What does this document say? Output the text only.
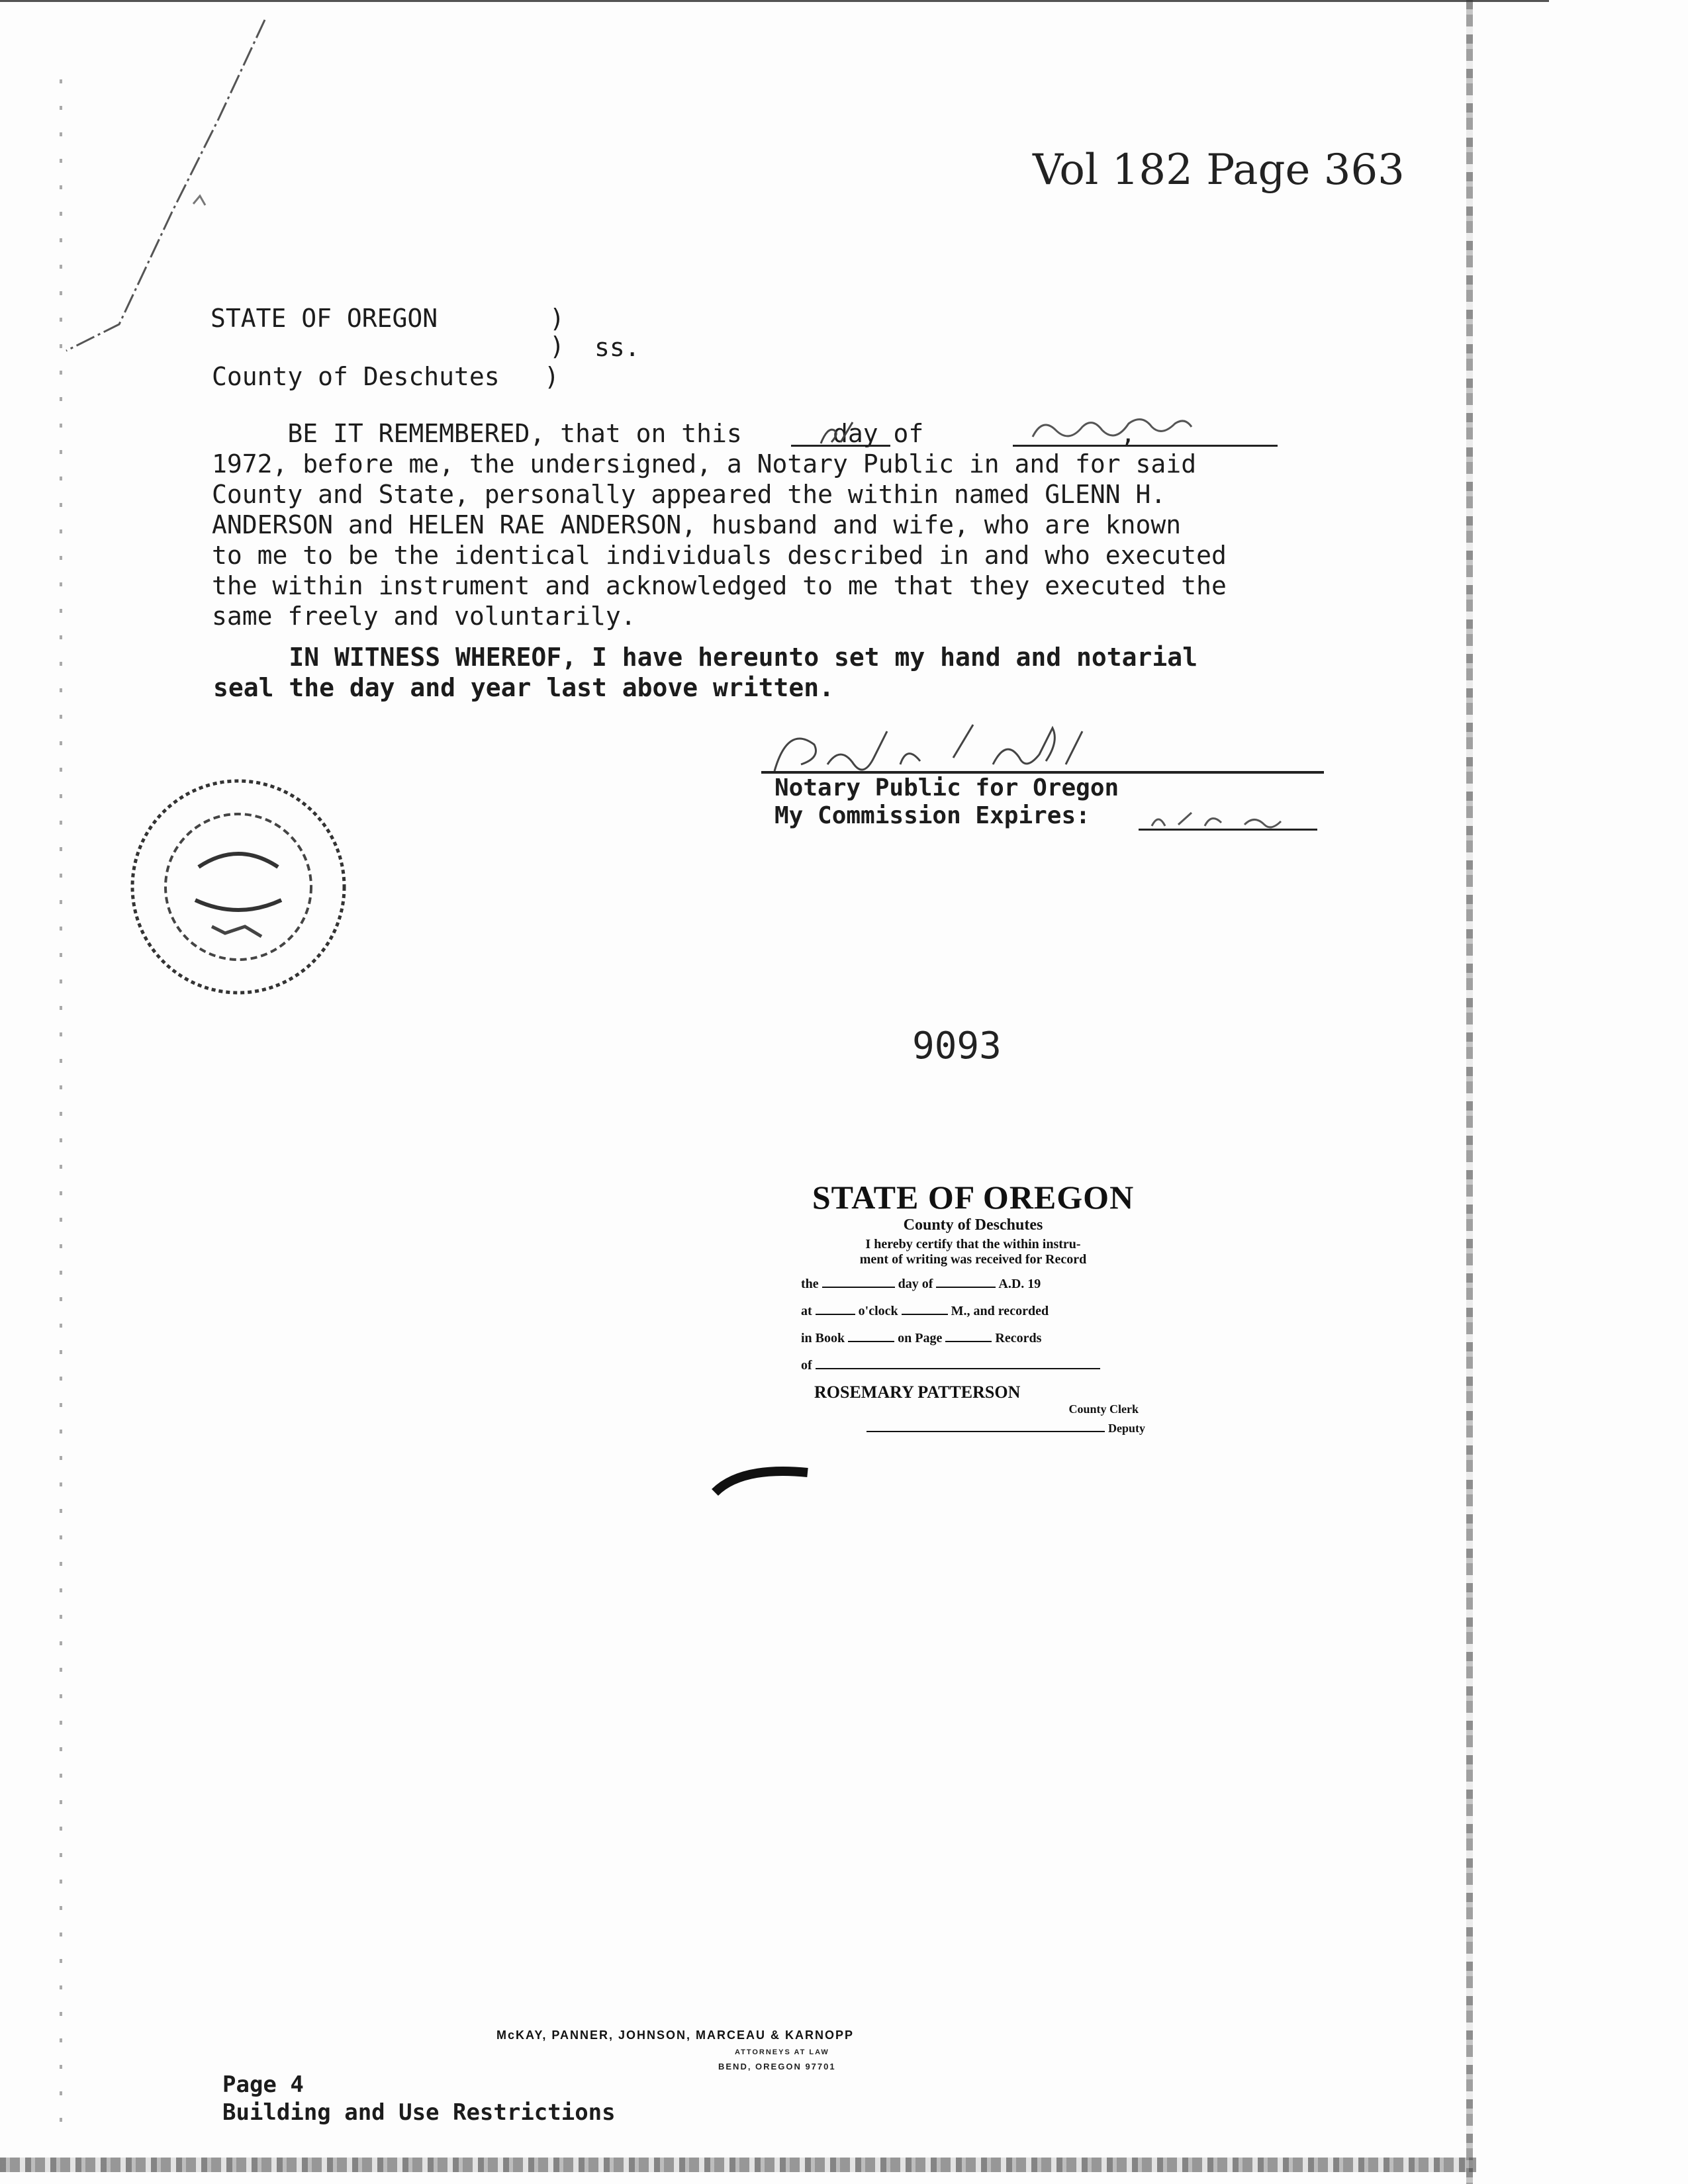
Vol 182 Page 363
STATE OF OREGON	)
) ss.
County of Deschutes )
BE IT REMEMBERED, that on this      day of             ,
1972, before me, the undersigned, a Notary Public in and for said
County and State, personally appeared the within named GLENN H.
ANDERSON and HELEN RAE ANDERSON, husband and wife, who are known
to me to be the identical individuals described in and who executed
the within instrument and acknowledged to me that they executed the
same freely and voluntarily.
IN WITNESS WHEREOF, I have hereunto set my hand and notarial
seal the day and year last above written.
Notary Public for Oregon
My Commission Expires:
9093
STATE OF OREGON
County of Deschutes
I hereby certify that the within instru-
ment of writing was received for Record
the	day of	A.D. 19
at	o'clock	M., and recorded
in Book	on Page	Records
of
ROSEMARY PATTERSON
County Clerk
Deputy
McKAY, PANNER, JOHNSON, MARCEAU & KARNOPP
ATTORNEYS AT LAW
BEND, OREGON 97701
Page 4
Building and Use Restrictions
